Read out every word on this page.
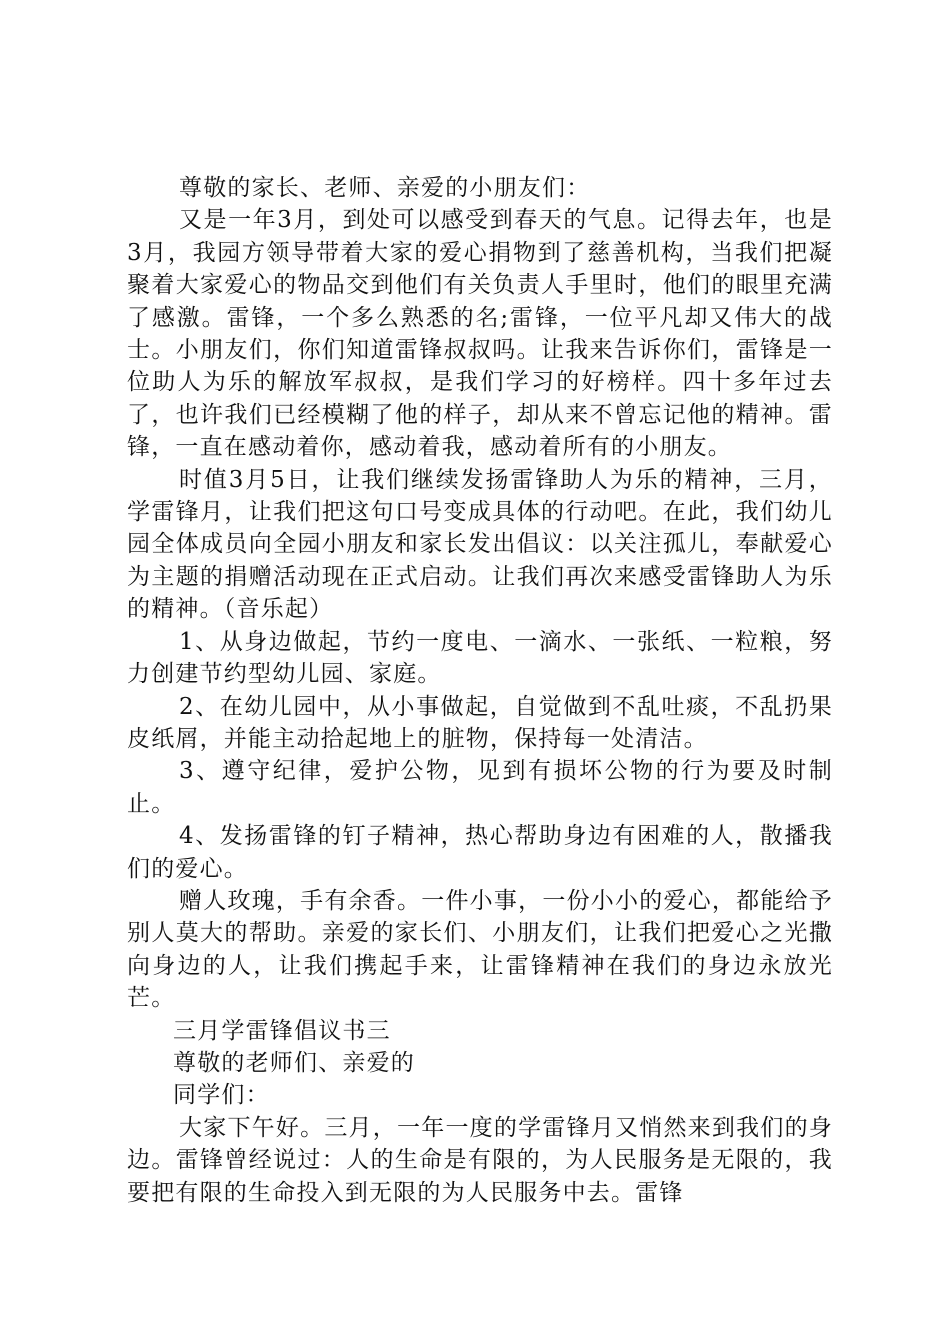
尊敬的家长、老师、亲爱的小朋友们：

又是一年3月，到处可以感受到春天的气息。记得去年，也是3月，我园方领导带着大家的爱心捐物到了慈善机构，当我们把凝聚着大家爱心的物品交到他们有关负责人手里时，他们的眼里充满了感激。雷锋，一个多么熟悉的名;雷锋，一位平凡却又伟大的战士。小朋友们，你们知道雷锋叔叔吗。让我来告诉你们，雷锋是一位助人为乐的解放军叔叔，是我们学习的好榜样。四十多年过去了，也许我们已经模糊了他的样子，却从来不曾忘记他的精神。雷锋，一直在感动着你，感动着我，感动着所有的小朋友。

时值3月5日，让我们继续发扬雷锋助人为乐的精神，三月，学雷锋月，让我们把这句口号变成具体的行动吧。在此，我们幼儿园全体成员向全园小朋友和家长发出倡议：以关注孤儿，奉献爱心为主题的捐赠活动现在正式启动。让我们再次来感受雷锋助人为乐的精神。（音乐起）

1、从身边做起，节约一度电、一滴水、一张纸、一粒粮，努力创建节约型幼儿园、家庭。

2、在幼儿园中，从小事做起，自觉做到不乱吐痰，不乱扔果皮纸屑，并能主动拾起地上的脏物，保持每一处清洁。

3、遵守纪律，爱护公物，见到有损坏公物的行为要及时制止。

4、发扬雷锋的钉子精神，热心帮助身边有困难的人，散播我们的爱心。

赠人玫瑰，手有余香。一件小事，一份小小的爱心，都能给予别人莫大的帮助。亲爱的家长们、小朋友们，让我们把爱心之光撒向身边的人，让我们携起手来，让雷锋精神在我们的身边永放光芒。

三月学雷锋倡议书三

尊敬的老师们、亲爱的

同学们：

大家下午好。三月，一年一度的学雷锋月又悄然来到我们的身边。雷锋曾经说过：人的生命是有限的，为人民服务是无限的，我要把有限的生命投入到无限的为人民服务中去。雷锋
